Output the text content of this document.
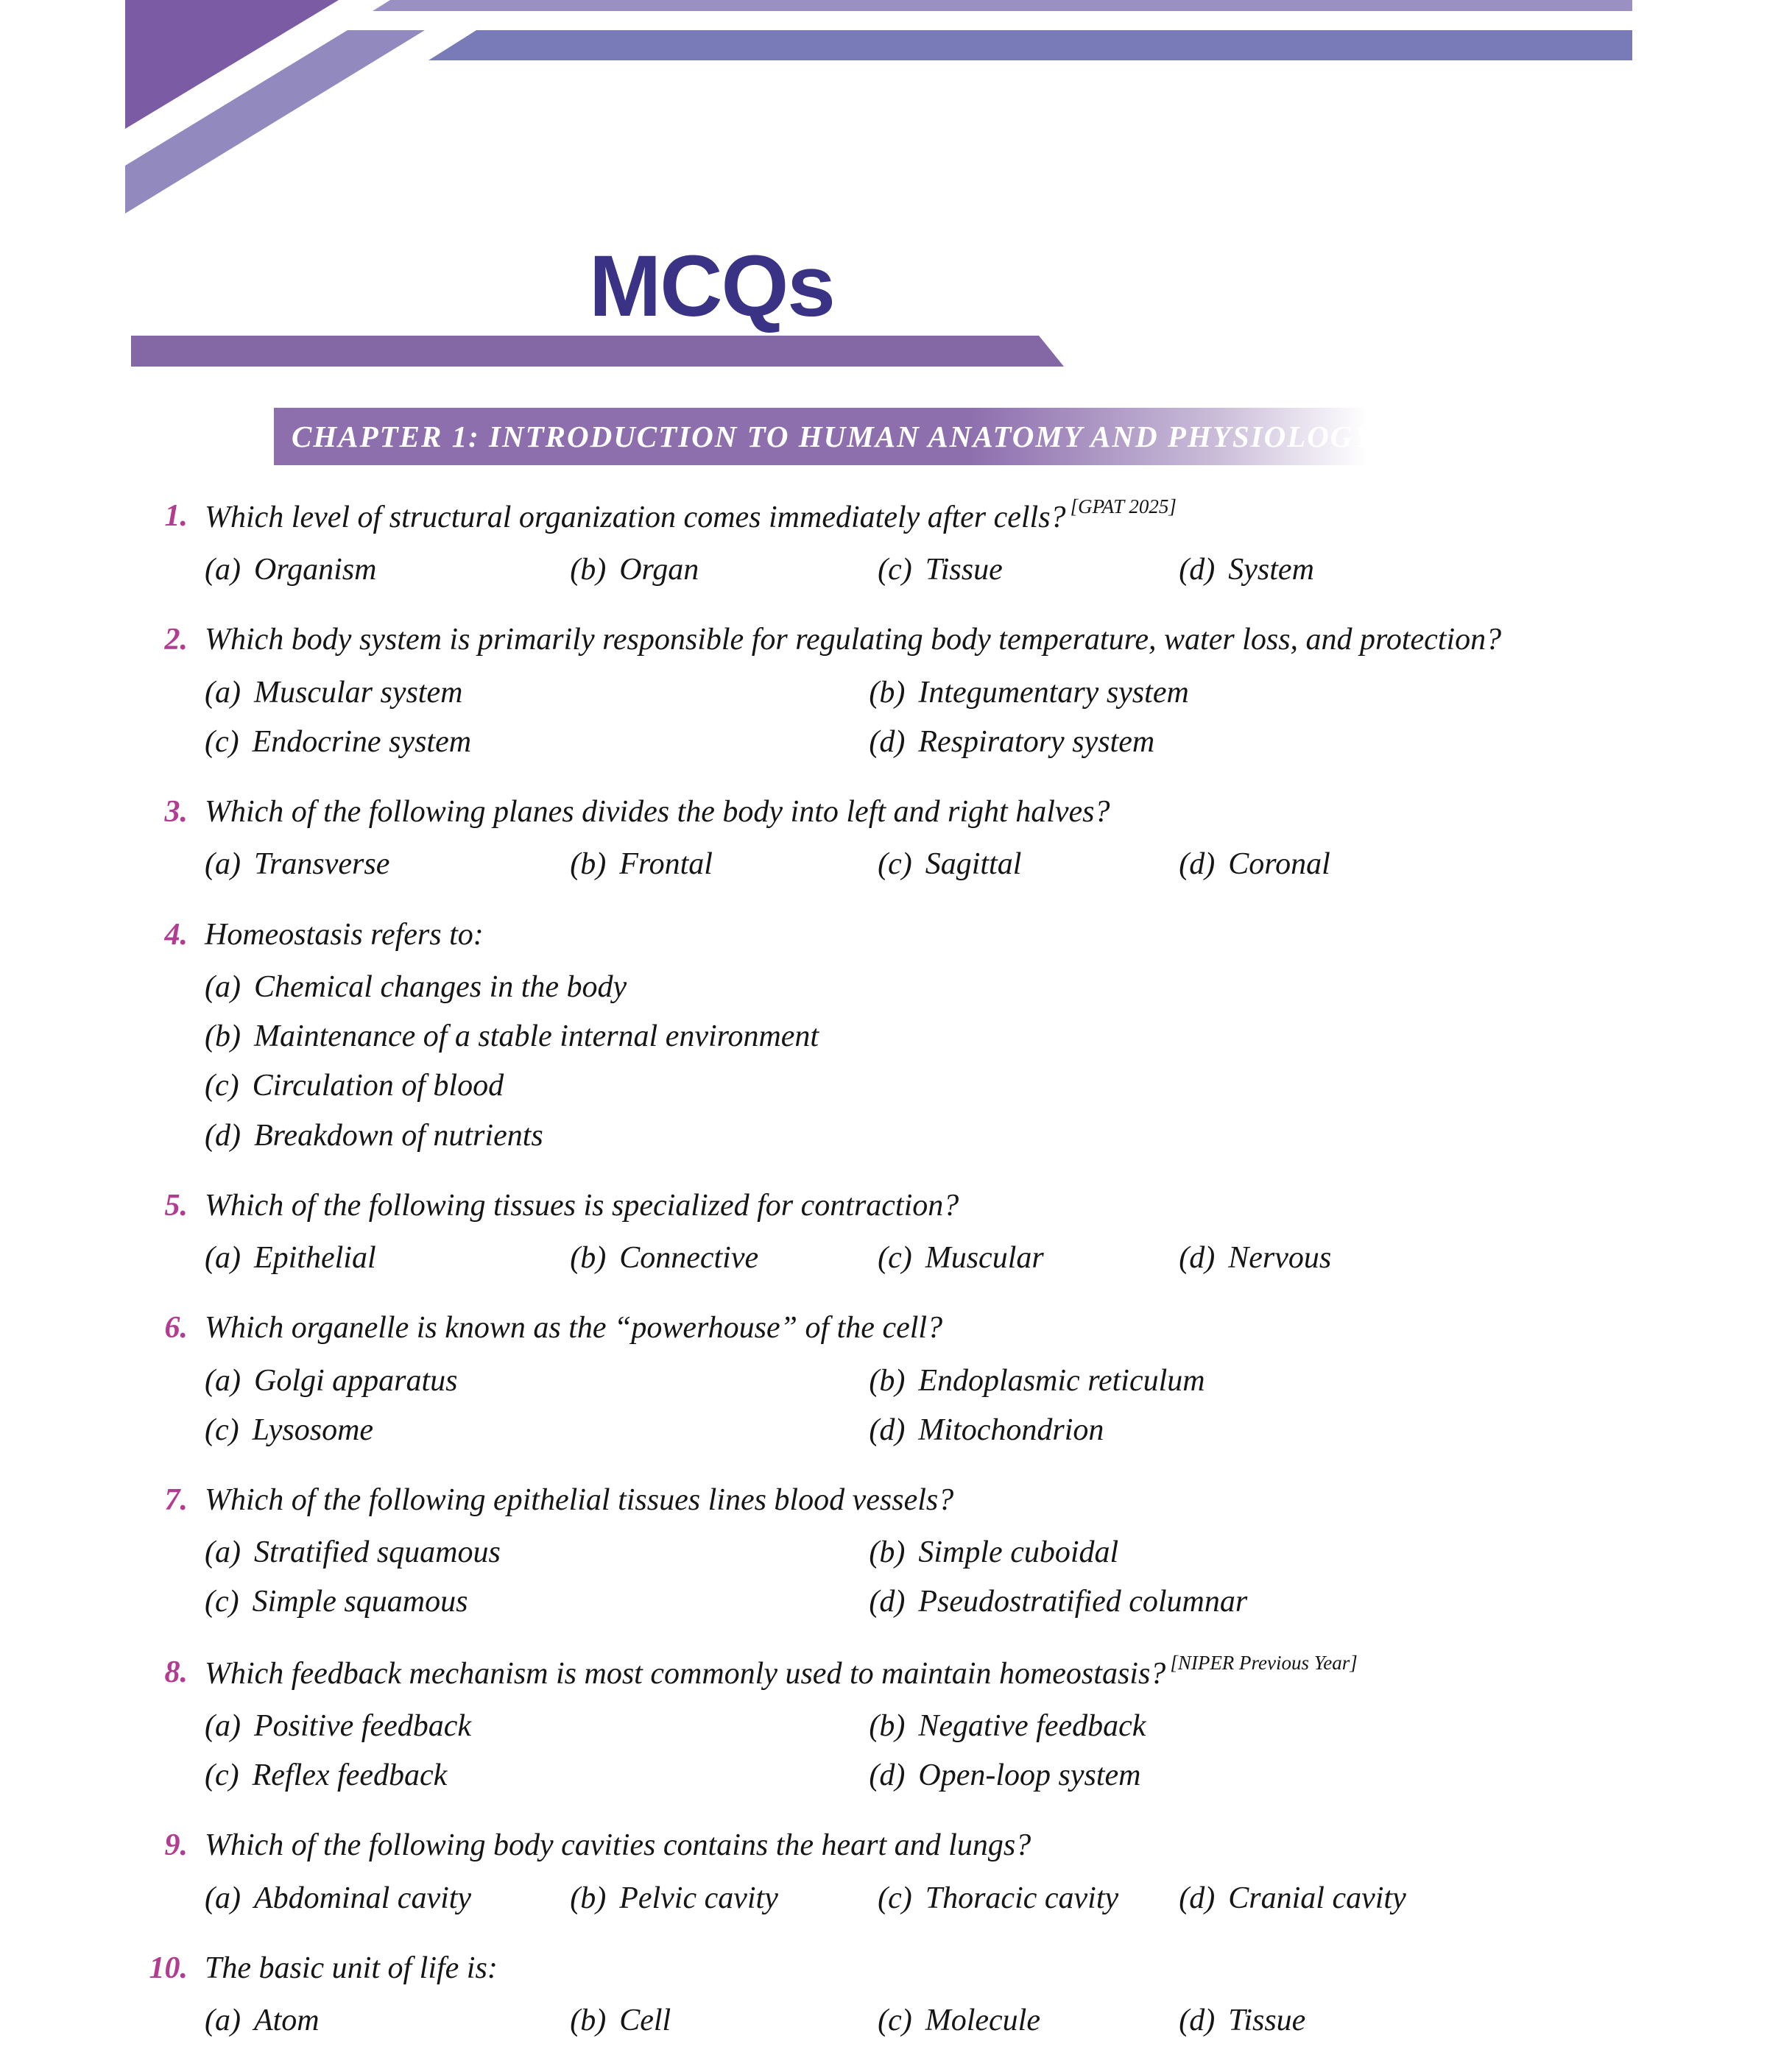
MCQs
CHAPTER 1: INTRODUCTION TO HUMAN ANATOMY AND PHYSIOLOGY
1. Which level of structural organization comes immediately after cells? [GPAT 2025]
(a) Organism	(b) Organ	(c) Tissue	(d) System
2. Which body system is primarily responsible for regulating body temperature, water loss, and protection?
(a) Muscular system	(b) Integumentary system
(c) Endocrine system	(d) Respiratory system
3. Which of the following planes divides the body into left and right halves?
(a) Transverse	(b) Frontal	(c) Sagittal	(d) Coronal
4. Homeostasis refers to:
(a) Chemical changes in the body
(b) Maintenance of a stable internal environment
(c) Circulation of blood
(d) Breakdown of nutrients
5. Which of the following tissues is specialized for contraction?
(a) Epithelial	(b) Connective	(c) Muscular	(d) Nervous
6. Which organelle is known as the “powerhouse” of the cell?
(a) Golgi apparatus	(b) Endoplasmic reticulum
(c) Lysosome	(d) Mitochondrion
7. Which of the following epithelial tissues lines blood vessels?
(a) Stratified squamous	(b) Simple cuboidal
(c) Simple squamous	(d) Pseudostratified columnar
8. Which feedback mechanism is most commonly used to maintain homeostasis? [NIPER Previous Year]
(a) Positive feedback	(b) Negative feedback
(c) Reflex feedback	(d) Open-loop system
9. Which of the following body cavities contains the heart and lungs?
(a) Abdominal cavity	(b) Pelvic cavity	(c) Thoracic cavity (d) Cranial cavity
10. The basic unit of life is:
(a) Atom	(b) Cell	(c) Molecule	(d) Tissue
